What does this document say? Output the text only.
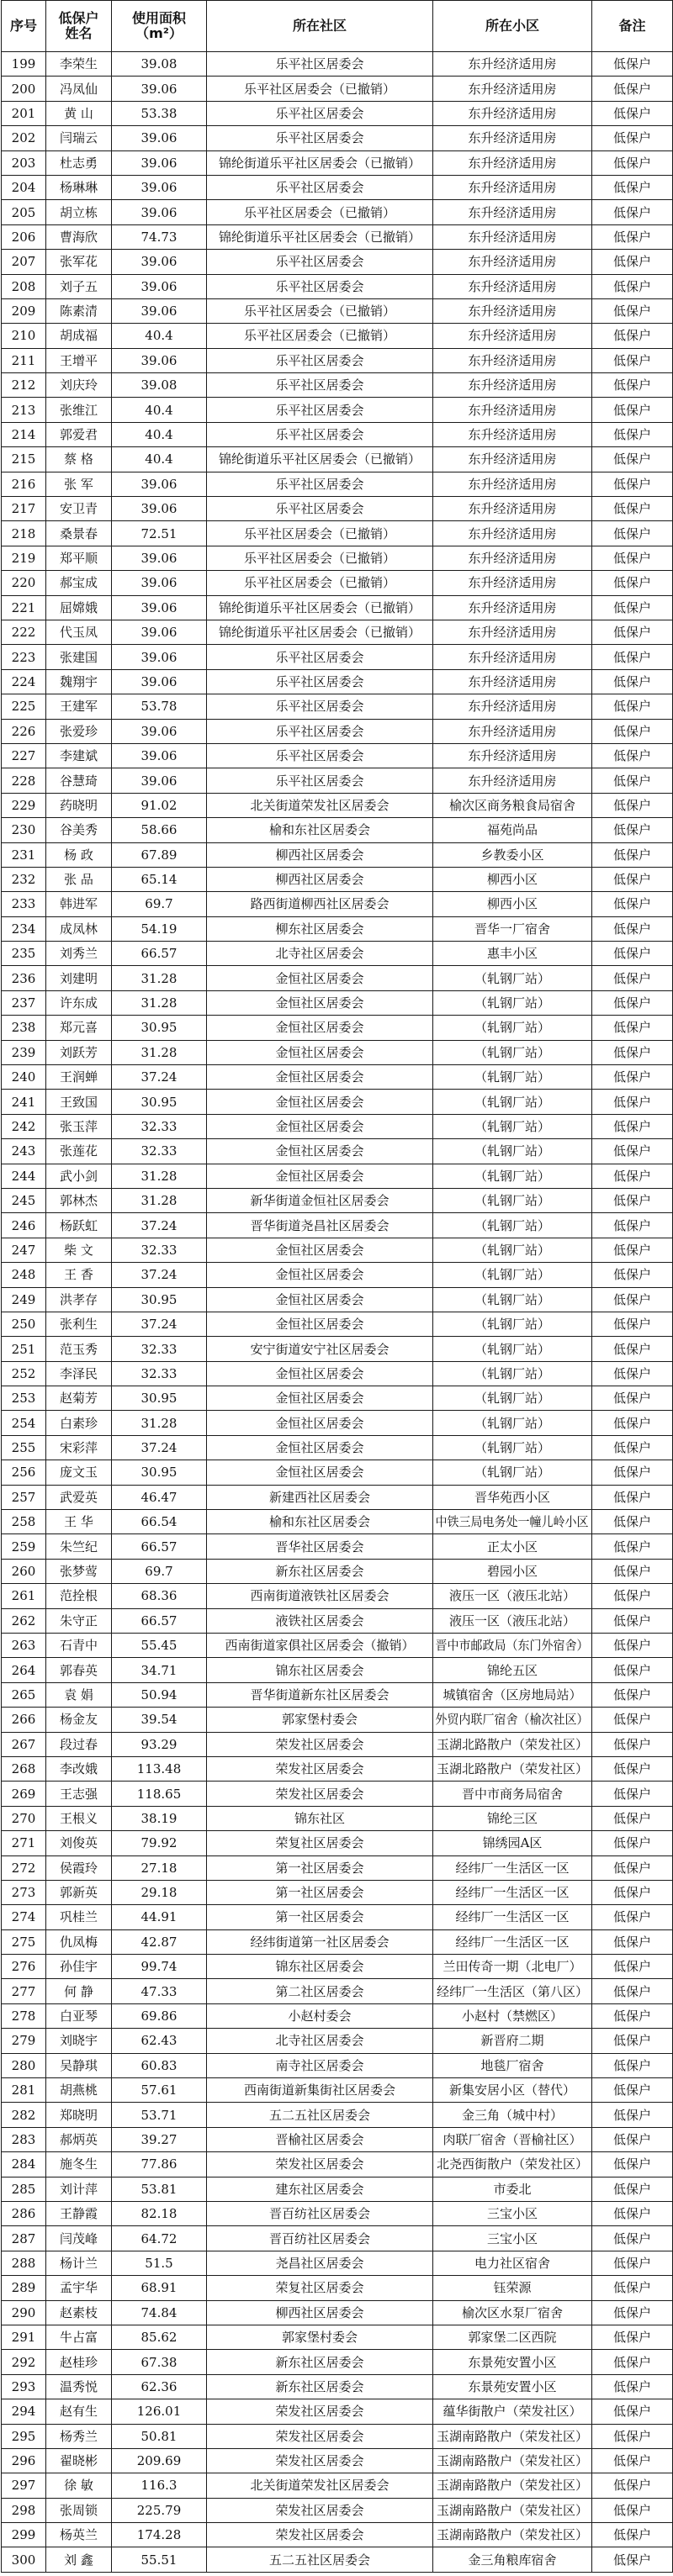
序号	低保户姓名	使用面积（m²）	所在社区	所在小区	备注
199	李荣生	39.08	乐平社区居委会	东升经济适用房	低保户
200	冯凤仙	39.06	乐平社区居委会（已撤销）	东升经济适用房	低保户
201	黄 山	53.38	乐平社区居委会	东升经济适用房	低保户
202	闫瑞云	39.06	乐平社区居委会	东升经济适用房	低保户
203	杜志勇	39.06	锦纶街道乐平社区居委会（已撤销）	东升经济适用房	低保户
204	杨琳琳	39.06	乐平社区居委会	东升经济适用房	低保户
205	胡立栋	39.06	乐平社区居委会（已撤销）	东升经济适用房	低保户
206	曹海欣	74.73	锦纶街道乐平社区居委会（已撤销）	东升经济适用房	低保户
207	张军花	39.06	乐平社区居委会	东升经济适用房	低保户
208	刘子五	39.06	乐平社区居委会	东升经济适用房	低保户
209	陈素清	39.06	乐平社区居委会（已撤销）	东升经济适用房	低保户
210	胡成福	40.4	乐平社区居委会（已撤销）	东升经济适用房	低保户
211	王增平	39.06	乐平社区居委会	东升经济适用房	低保户
212	刘庆玲	39.08	乐平社区居委会	东升经济适用房	低保户
213	张维江	40.4	乐平社区居委会	东升经济适用房	低保户
214	郭爱君	40.4	乐平社区居委会	东升经济适用房	低保户
215	蔡 格	40.4	锦纶街道乐平社区居委会（已撤销）	东升经济适用房	低保户
216	张 军	39.06	乐平社区居委会	东升经济适用房	低保户
217	安卫青	39.06	乐平社区居委会	东升经济适用房	低保户
218	桑景春	72.51	乐平社区居委会（已撤销）	东升经济适用房	低保户
219	郑平顺	39.06	乐平社区居委会（已撤销）	东升经济适用房	低保户
220	郝宝成	39.06	乐平社区居委会（已撤销）	东升经济适用房	低保户
221	屈嫦娥	39.06	锦纶街道乐平社区居委会（已撤销）	东升经济适用房	低保户
222	代玉凤	39.06	锦纶街道乐平社区居委会（已撤销）	东升经济适用房	低保户
223	张建国	39.06	乐平社区居委会	东升经济适用房	低保户
224	魏翔宇	39.06	乐平社区居委会	东升经济适用房	低保户
225	王建军	53.78	乐平社区居委会	东升经济适用房	低保户
226	张爱珍	39.06	乐平社区居委会	东升经济适用房	低保户
227	李建斌	39.06	乐平社区居委会	东升经济适用房	低保户
228	谷慧琦	39.06	乐平社区居委会	东升经济适用房	低保户
229	药晓明	91.02	北关街道荣发社区居委会	榆次区商务粮食局宿舍	低保户
230	谷美秀	58.66	榆和东社区居委会	福苑尚品	低保户
231	杨 政	67.89	柳西社区居委会	乡教委小区	低保户
232	张 品	65.14	柳西社区居委会	柳西小区	低保户
233	韩进军	69.7	路西街道柳西社区居委会	柳西小区	低保户
234	成凤林	54.19	柳东社区居委会	晋华一厂宿舍	低保户
235	刘秀兰	66.57	北寺社区居委会	惠丰小区	低保户
236	刘建明	31.28	金恒社区居委会	（轧钢厂站）	低保户
237	许东成	31.28	金恒社区居委会	（轧钢厂站）	低保户
238	郑元喜	30.95	金恒社区居委会	（轧钢厂站）	低保户
239	刘跃芳	31.28	金恒社区居委会	（轧钢厂站）	低保户
240	王润蝉	37.24	金恒社区居委会	（轧钢厂站）	低保户
241	王致国	30.95	金恒社区居委会	（轧钢厂站）	低保户
242	张玉萍	32.33	金恒社区居委会	（轧钢厂站）	低保户
243	张莲花	32.33	金恒社区居委会	（轧钢厂站）	低保户
244	武小剑	31.28	金恒社区居委会	（轧钢厂站）	低保户
245	郭林杰	31.28	新华街道金恒社区居委会	（轧钢厂站）	低保户
246	杨跃虹	37.24	晋华街道尧昌社区居委会	（轧钢厂站）	低保户
247	柴 文	32.33	金恒社区居委会	（轧钢厂站）	低保户
248	王 香	37.24	金恒社区居委会	（轧钢厂站）	低保户
249	洪孝存	30.95	金恒社区居委会	（轧钢厂站）	低保户
250	张利生	37.24	金恒社区居委会	（轧钢厂站）	低保户
251	范玉秀	32.33	安宁街道安宁社区居委会	（轧钢厂站）	低保户
252	李泽民	32.33	金恒社区居委会	（轧钢厂站）	低保户
253	赵菊芳	30.95	金恒社区居委会	（轧钢厂站）	低保户
254	白素珍	31.28	金恒社区居委会	（轧钢厂站）	低保户
255	宋彩萍	37.24	金恒社区居委会	（轧钢厂站）	低保户
256	庞文玉	30.95	金恒社区居委会	（轧钢厂站）	低保户
257	武爱英	46.47	新建西社区居委会	晋华苑西小区	低保户
258	王 华	66.54	榆和东社区居委会	中铁三局电务处一幢儿岭小区	低保户
259	朱竺纪	66.57	晋华社区居委会	正太小区	低保户
260	张梦莺	69.7	新东社区居委会	碧园小区	低保户
261	范拴根	68.36	西南街道液铁社区居委会	液压一区（液压北站）	低保户
262	朱守正	66.57	液铁社区居委会	液压一区（液压北站）	低保户
263	石青中	55.45	西南街道家俱社区居委会（撤销）	晋中市邮政局（东门外宿舍）	低保户
264	郭春英	34.71	锦东社区居委会	锦纶五区	低保户
265	袁 娟	50.94	晋华街道新东社区居委会	城镇宿舍（区房地局站）	低保户
266	杨金友	39.54	郭家堡村委会	外贸内联厂宿舍（榆次社区）	低保户
267	段过春	93.29	荣发社区居委会	玉湖北路散户（荣发社区）	低保户
268	李改娥	113.48	荣发社区居委会	玉湖北路散户（荣发社区）	低保户
269	王志强	118.65	荣发社区居委会	晋中市商务局宿舍	低保户
270	王根义	38.19	锦东社区	锦纶三区	低保户
271	刘俊英	79.92	荣复社区居委会	锦绣园A区	低保户
272	侯霞玲	27.18	第一社区居委会	经纬厂一生活区一区	低保户
273	郭新英	29.18	第一社区居委会	经纬厂一生活区一区	低保户
274	巩桂兰	44.91	第一社区居委会	经纬厂一生活区一区	低保户
275	仇凤梅	42.87	经纬街道第一社区居委会	经纬厂一生活区一区	低保户
276	孙佳宇	99.74	锦东社区居委会	兰田传奇一期（北电厂）	低保户
277	何 静	47.33	第二社区居委会	经纬厂一生活区（第八区）	低保户
278	白亚琴	69.86	小赵村委会	小赵村（禁燃区）	低保户
279	刘晓宇	62.43	北寺社区居委会	新晋府二期	低保户
280	吴静琪	60.83	南寺社区居委会	地毯厂宿舍	低保户
281	胡燕桃	57.61	西南街道新集街社区居委会	新集安居小区（替代）	低保户
282	郑晓明	53.71	五二五社区居委会	金三角（城中村）	低保户
283	郝炳英	39.27	晋榆社区居委会	肉联厂宿舍（晋榆社区）	低保户
284	施冬生	77.86	荣发社区居委会	北尧西街散户（荣发社区）	低保户
285	刘计萍	53.81	建东社区居委会	市委北	低保户
286	王静霞	82.18	晋百纺社区居委会	三宝小区	低保户
287	闫茂峰	64.72	晋百纺社区居委会	三宝小区	低保户
288	杨计兰	51.5	尧昌社区居委会	电力社区宿舍	低保户
289	孟宇华	68.91	荣复社区居委会	钰荣源	低保户
290	赵素枝	74.84	柳西社区居委会	榆次区水泵厂宿舍	低保户
291	牛占富	85.62	郭家堡村委会	郭家堡二区西院	低保户
292	赵桂珍	67.38	新东社区居委会	东景苑安置小区	低保户
293	温秀悦	62.36	新东社区居委会	东景苑安置小区	低保户
294	赵有生	126.01	荣发社区居委会	蕴华街散户（荣发社区）	低保户
295	杨秀兰	50.81	荣发社区居委会	玉湖南路散户（荣发社区）	低保户
296	翟晓彬	209.69	荣发社区居委会	玉湖南路散户（荣发社区）	低保户
297	徐 敏	116.3	北关街道荣发社区居委会	玉湖南路散户（荣发社区）	低保户
298	张周锁	225.79	荣发社区居委会	玉湖南路散户（荣发社区）	低保户
299	杨英兰	174.28	荣发社区居委会	玉湖南路散户（荣发社区）	低保户
300	刘 鑫	55.51	五二五社区居委会	金三角粮库宿舍	低保户
